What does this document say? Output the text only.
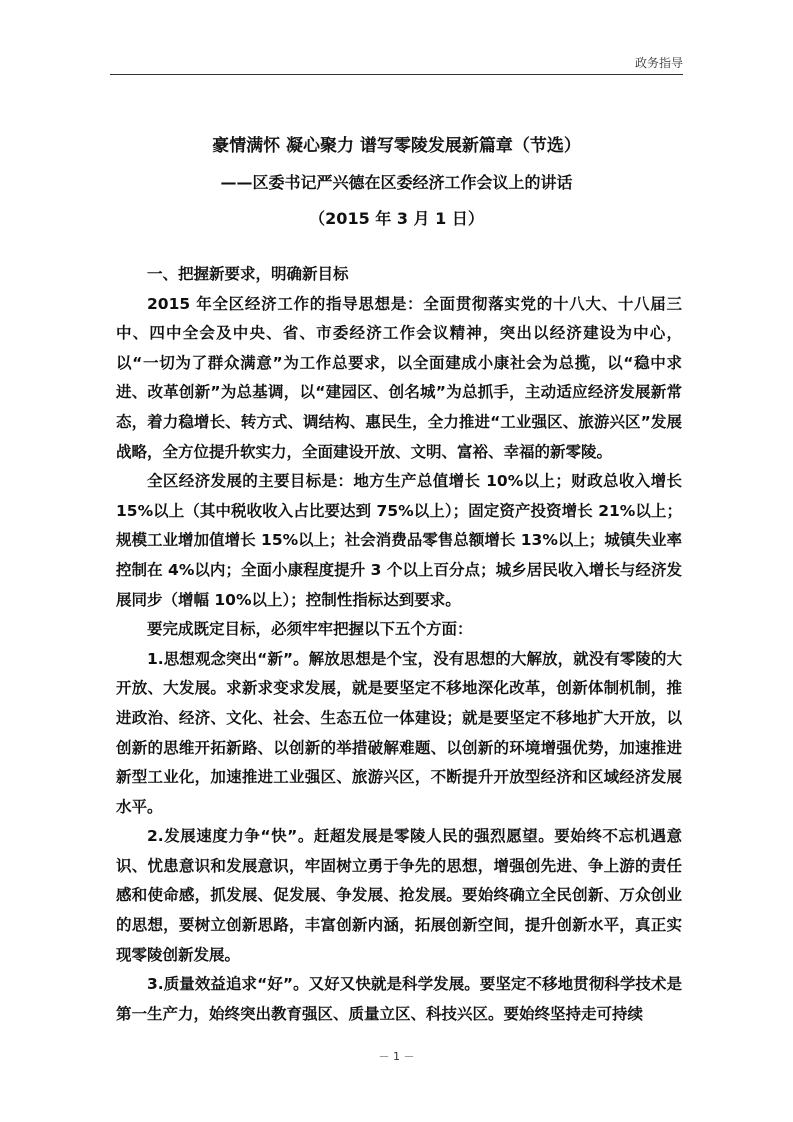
政务指导
豪情满怀 凝心聚力 谱写零陵发展新篇章（节选）
——区委书记严兴德在区委经济工作会议上的讲话
（2015 年 3 月 1 日）

一、把握新要求，明确新目标

2015 年全区经济工作的指导思想是：全面贯彻落实党的十八大、十八届三中、四中全会及中央、省、市委经济工作会议精神，突出以经济建设为中心，以“一切为了群众满意”为工作总要求，以全面建成小康社会为总揽，以“稳中求进、改革创新”为总基调，以“建园区、创名城”为总抓手，主动适应经济发展新常态，着力稳增长、转方式、调结构、惠民生，全力推进“工业强区、旅游兴区”发展战略，全方位提升软实力，全面建设开放、文明、富裕、幸福的新零陵。

全区经济发展的主要目标是：地方生产总值增长 10%以上；财政总收入增长 15%以上（其中税收收入占比要达到 75%以上）；固定资产投资增长 21%以上；规模工业增加值增长 15%以上；社会消费品零售总额增长 13%以上；城镇失业率控制在 4%以内；全面小康程度提升 3 个以上百分点；城乡居民收入增长与经济发展同步（增幅 10%以上）；控制性指标达到要求。

要完成既定目标，必须牢牢把握以下五个方面：

1.思想观念突出“新”。解放思想是个宝，没有思想的大解放，就没有零陵的大开放、大发展。求新求变求发展，就是要坚定不移地深化改革，创新体制机制，推进政治、经济、文化、社会、生态五位一体建设；就是要坚定不移地扩大开放，以创新的思维开拓新路、以创新的举措破解难题、以创新的环境增强优势，加速推进新型工业化，加速推进工业强区、旅游兴区，不断提升开放型经济和区域经济发展水平。

2.发展速度力争“快”。赶超发展是零陵人民的强烈愿望。要始终不忘机遇意识、忧患意识和发展意识，牢固树立勇于争先的思想，增强创先进、争上游的责任感和使命感，抓发展、促发展、争发展、抢发展。要始终确立全民创新、万众创业的思想，要树立创新思路，丰富创新内涵，拓展创新空间，提升创新水平，真正实现零陵创新发展。

3.质量效益追求“好”。又好又快就是科学发展。要坚定不移地贯彻科学技术是第一生产力，始终突出教育强区、质量立区、科技兴区。要始终坚持走可持续

－ 1 －
